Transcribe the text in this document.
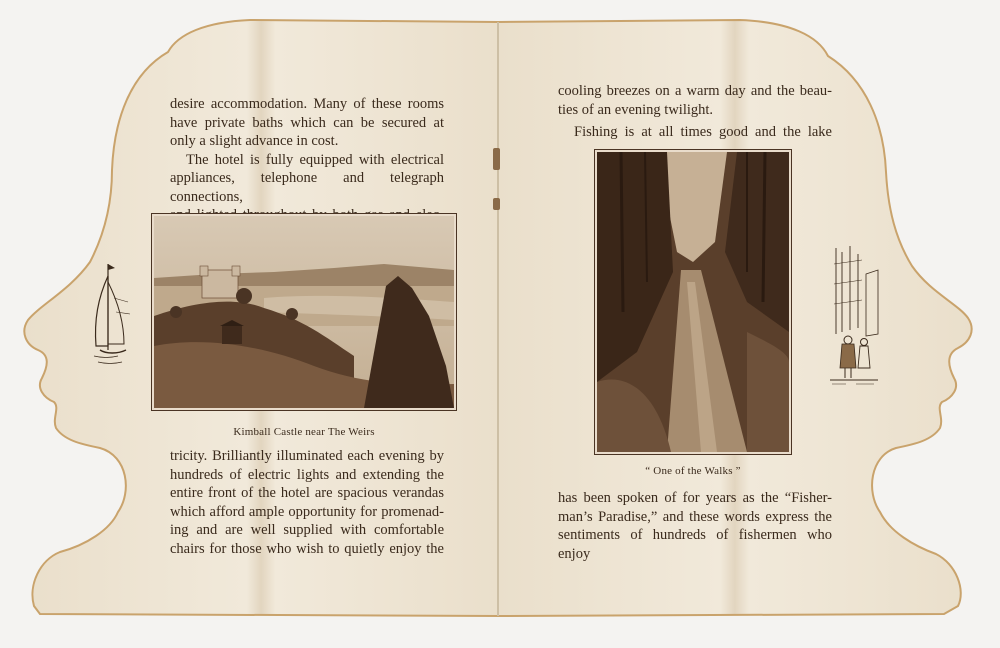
desire accommodation. Many of these rooms

have private baths which can be secured at

only a slight advance in cost.

The hotel is fully equipped with electrical

appliances, telephone and telegraph connections,

Kimball Castle near The Weirs

tricity. Brilliantly illuminated each evening by

hundreds of electric lights and extending the

entire front of the hotel are spacious verandas

which afford ample opportunity for promenad-

ing and are well supplied with comfortable

chairs for those who wish to quietly enjoy the

cooling breezes on a warm day and the beau-

ties of an evening twilight.

Fishing is at all times good and the lake

“ One of the Walks ”

has been spoken of for years as the “Fisher-

man’s Paradise,” and these words express the

sentiments of hundreds of fishermen who enjoy
